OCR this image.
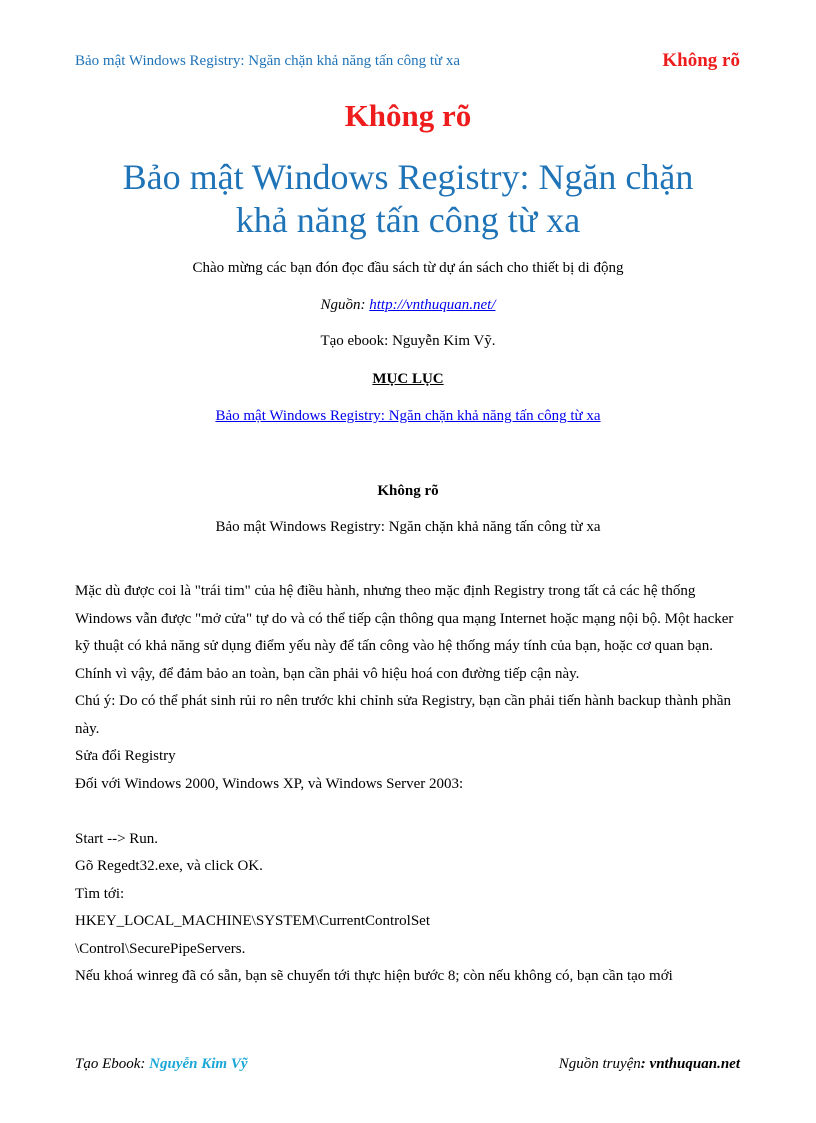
Bảo mật Windows Registry: Ngăn chặn khả năng tấn công từ xa	Không rõ
Không rõ
Bảo mật Windows Registry: Ngăn chặn
khả năng tấn công từ xa
Chào mừng các bạn đón đọc đầu sách từ dự án sách cho thiết bị di động
Nguồn: http://vnthuquan.net/
Tạo ebook: Nguyễn Kim Vỹ.
MỤC LỤC
Bảo mật Windows Registry: Ngăn chặn khả năng tấn công từ xa
Không rõ
Bảo mật Windows Registry: Ngăn chặn khả năng tấn công từ xa

Mặc dù được coi là "trái tim" của hệ điều hành, nhưng theo mặc định Registry trong tất cả các hệ thống Windows vẫn được "mở cửa" tự do và có thể tiếp cận thông qua mạng Internet hoặc mạng nội bộ. Một hacker kỹ thuật có khả năng sử dụng điểm yếu này để tấn công vào hệ thống máy tính của bạn, hoặc cơ quan bạn. Chính vì vậy, để đảm bảo an toàn, bạn cần phải vô hiệu hoá con đường tiếp cận này.

Chú ý: Do có thể phát sinh rủi ro nên trước khi chỉnh sửa Registry, bạn cần phải tiến hành backup thành phần này.

Sửa đổi Registry

Đối với Windows 2000, Windows XP, và Windows Server 2003:

Start --> Run.

Gõ Regedt32.exe, và click OK.

Tìm tới:

HKEY_LOCAL_MACHINE\SYSTEM\CurrentControlSet

\Control\SecurePipeServers.

Nếu khoá winreg đã có sẵn, bạn sẽ chuyển tới thực hiện bước 8; còn nếu không có, bạn cần tạo mới

Tạo Ebook: Nguyễn Kim Vỹ	Nguồn truyện: vnthuquan.net
